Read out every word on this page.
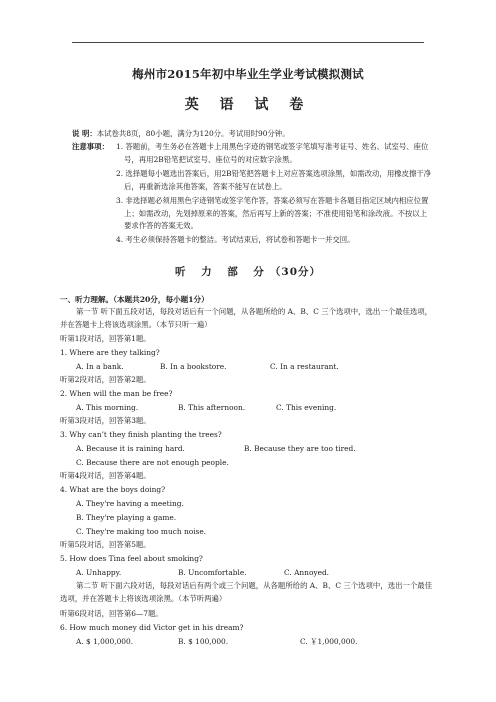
梅州市2015年初中毕业生学业考试模拟测试
英 语 试 卷
说 明：本试卷共8页，80小题，满分为120分。考试用时90分钟。
注意事项： 1. 答题前，考生务必在答题卡上用黑色字迹的钢笔或签字笔填写准考证号、姓名、试室号、座位号，再用2B铅笔把试室号、座位号的对应数字涂黑。
2. 选择题每小题选出答案后，用2B铅笔把答题卡上对应答案选项涂黑，如需改动，用橡皮擦干净后，再重新选涂其他答案，答案不能写在试卷上。
3. 非选择题必须用黑色字迹钢笔或签字笔作答，答案必须写在答题卡各题目指定区域内相应位置上；如需改动，先划掉原来的答案，然后再写上新的答案；不准使用铅笔和涂改液。不按以上要求作答的答案无效。
4. 考生必须保持答题卡的整洁。考试结束后，将试卷和答题卡一并交回。
听 力 部 分（30分）
一、听力理解。（本题共20分，每小题1分）
第一节 听下面五段对话，每段对话后有一个问题，从各题所给的 A、B、C 三个选项中，选出一个最佳选项，并在答题卡上将该选项涂黑。（本节只听一遍）
听第1段对话，回答第1题。
1. Where are they talking?
A. In a bank.	B. In a bookstore.	C. In a restaurant.
听第2段对话，回答第2题。
2. When will the man be free?
A. This morning.	B. This afternoon.	C. This evening.
听第3段对话，回答第3题。
3. Why can’t they finish planting the trees?
A. Because it is raining hard.	B. Because they are too tired.
C. Because there are not enough people.
听第4段对话，回答第4题。
4. What are the boys doing?
A. They're having a meeting.
B. They're playing a game.
C. They're making too much noise.
听第5段对话，回答第5题。
5. How does Tina feel about smoking?
A. Unhappy.	B. Uncomfortable.	C. Annoyed.
第二节 听下面六段对话，每段对话后有两个或三个问题，从各题所给的 A、B、C 三个选项中，选出一个最佳选项，并在答题卡上将该选项涂黑。（本节听两遍）
听第6段对话，回答第6—7题。
6. How much money did Victor get in his dream?
A. $ 1,000,000.	B. $ 100,000.	C. ￥1,000,000.
